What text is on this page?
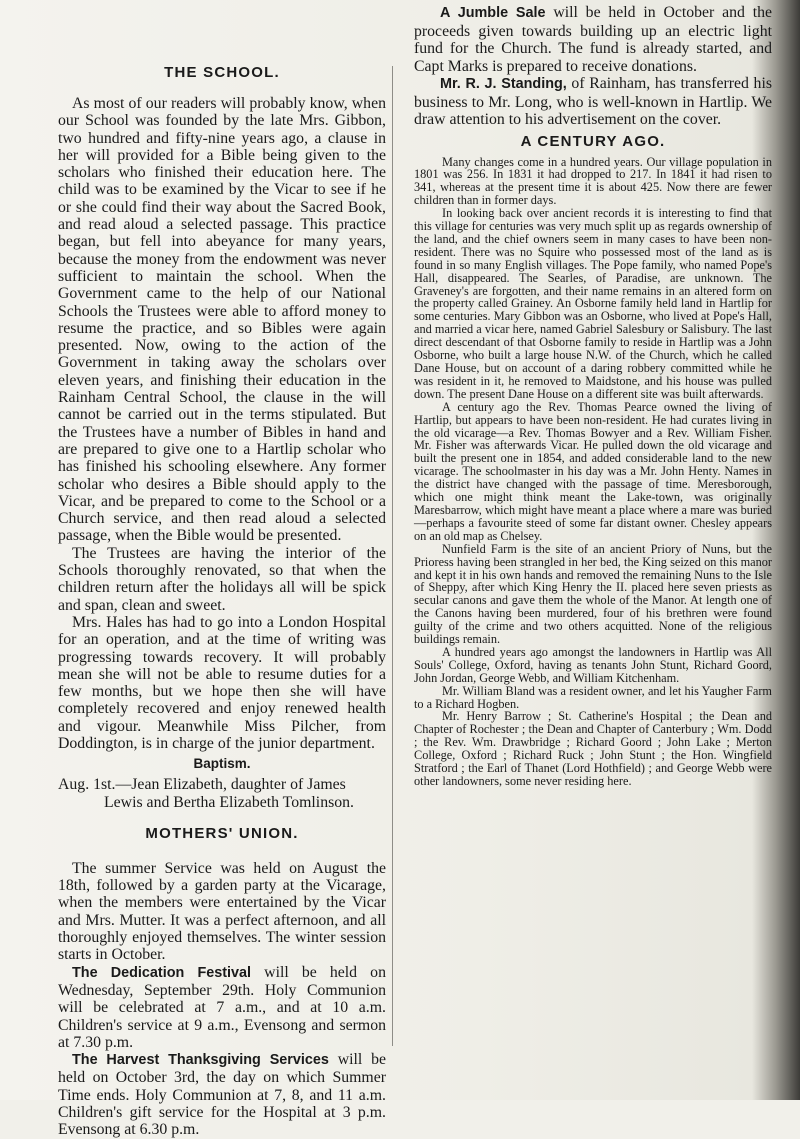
THE SCHOOL.

As most of our readers will probably know, when our School was founded by the late Mrs. Gibbon, two hundred and fifty-nine years ago, a clause in her will provided for a Bible being given to the scholars who finished their education here. The child was to be examined by the Vicar to see if he or she could find their way about the Sacred Book, and read aloud a selected passage. This practice began, but fell into abeyance for many years, because the money from the endowment was never sufficient to maintain the school. When the Government came to the help of our National Schools the Trustees were able to afford money to resume the practice, and so Bibles were again presented. Now, owing to the action of the Government in taking away the scholars over eleven years, and finishing their education in the Rainham Central School, the clause in the will cannot be carried out in the terms stipulated. But the Trustees have a number of Bibles in hand and are prepared to give one to a Hartlip scholar who has finished his schooling elsewhere. Any former scholar who desires a Bible should apply to the Vicar, and be prepared to come to the School or a Church service, and then read aloud a selected passage, when the Bible would be presented.

The Trustees are having the interior of the Schools thoroughly renovated, so that when the children return after the holidays all will be spick and span, clean and sweet.

Mrs. Hales has had to go into a London Hospital for an operation, and at the time of writing was progressing towards recovery. It will probably mean she will not be able to resume duties for a few months, but we hope then she will have completely recovered and enjoy renewed health and vigour. Meanwhile Miss Pilcher, from Doddington, is in charge of the junior department.

Baptism.
Aug. 1st.—Jean Elizabeth, daughter of James
Lewis and Bertha Elizabeth Tomlinson.
MOTHERS' UNION.

The summer Service was held on August the 18th, followed by a garden party at the Vicarage, when the members were entertained by the Vicar and Mrs. Mutter. It was a perfect afternoon, and all thoroughly enjoyed themselves. The winter session starts in October.

The Dedication Festival will be held on Wednesday, September 29th. Holy Communion will be celebrated at 7 a.m., and at 10 a.m. Children's service at 9 a.m., Evensong and sermon at 7.30 p.m.

The Harvest Thanksgiving Services will be held on October 3rd, the day on which Summer Time ends. Holy Communion at 7, 8, and 11 a.m. Children's gift service for the Hospital at 3 p.m. Evensong at 6.30 p.m.

A Jumble Sale will be held in October and the proceeds given towards building up an electric light fund for the Church. The fund is already started, and Capt Marks is prepared to receive donations.

Mr. R. J. Standing, of Rainham, has transferred his business to Mr. Long, who is well-known in Hartlip. We draw attention to his advertisement on the cover.

A CENTURY AGO.

Many changes come in a hundred years. Our village population in 1801 was 256. In 1831 it had dropped to 217. In 1841 it had risen to 341, whereas at the present time it is about 425. Now there are fewer children than in former days.

In looking back over ancient records it is interesting to find that this village for centuries was very much split up as regards ownership of the land, and the chief owners seem in many cases to have been non-resident. There was no Squire who possessed most of the land as is found in so many English villages. The Pope family, who named Pope's Hall, disappeared. The Searles, of Paradise, are unknown. The Graveney's are forgotten, and their name remains in an altered form on the property called Grainey. An Osborne family held land in Hartlip for some centuries. Mary Gibbon was an Osborne, who lived at Pope's Hall, and married a vicar here, named Gabriel Salesbury or Salisbury. The last direct descendant of that Osborne family to reside in Hartlip was a John Osborne, who built a large house N.W. of the Church, which he called Dane House, but on account of a daring robbery committed while he was resident in it, he removed to Maidstone, and his house was pulled down. The present Dane House on a different site was built afterwards.

A century ago the Rev. Thomas Pearce owned the living of Hartlip, but appears to have been non-resident. He had curates living in the old vicarage—a Rev. Thomas Bowyer and a Rev. William Fisher. Mr. Fisher was afterwards Vicar. He pulled down the old vicarage and built the present one in 1854, and added considerable land to the new vicarage. The schoolmaster in his day was a Mr. John Henty. Names in the district have changed with the passage of time. Meresborough, which one might think meant the Lake-town, was originally Maresbarrow, which might have meant a place where a mare was buried—perhaps a favourite steed of some far distant owner. Chesley appears on an old map as Chelsey.

Nunfield Farm is the site of an ancient Priory of Nuns, but the Prioress having been strangled in her bed, the King seized on this manor and kept it in his own hands and removed the remaining Nuns to the Isle of Sheppy, after which King Henry the II. placed here seven priests as secular canons and gave them the whole of the Manor. At length one of the Canons having been murdered, four of his brethren were found guilty of the crime and two others acquitted. None of the religious buildings remain.

A hundred years ago amongst the landowners in Hartlip was All Souls' College, Oxford, having as tenants John Stunt, Richard Goord, John Jordan, George Webb, and William Kitchenham.

Mr. William Bland was a resident owner, and let his Yaugher Farm to a Richard Hogben.

Mr. Henry Barrow ; St. Catherine's Hospital ; the Dean and Chapter of Rochester ; the Dean and Chapter of Canterbury ; Wm. Dodd ; the Rev. Wm. Drawbridge ; Richard Goord ; John Lake ; Merton College, Oxford ; Richard Ruck ; John Stunt ; the Hon. Wingfield Stratford ; the Earl of Thanet (Lord Hothfield) ; and George Webb were other landowners, some never residing here.
